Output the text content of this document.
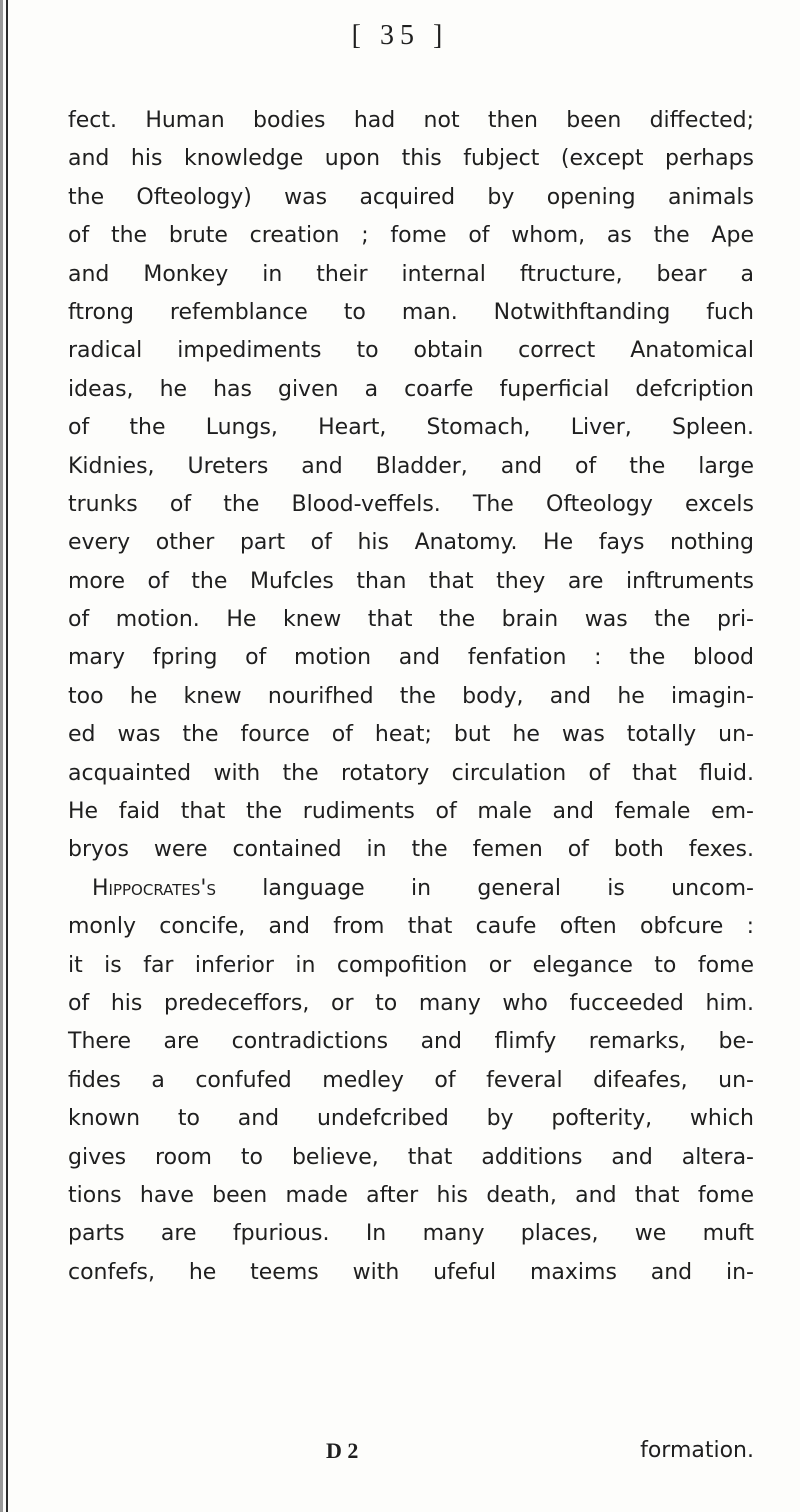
[ 35 ]
fect. Human bodies had not then been diffected;
and his knowledge upon this fubject (except perhaps
the Ofteology) was acquired by opening animals
of the brute creation ; fome of whom, as the Ape
and Monkey in their internal ftructure, bear a
ftrong refemblance to man. Notwithftanding fuch
radical impediments to obtain correct Anatomical
ideas, he has given a coarfe fuperficial defcription
of the Lungs, Heart, Stomach, Liver, Spleen.
Kidnies, Ureters and Bladder, and of the large
trunks of the Blood-veffels. The Ofteology excels
every other part of his Anatomy. He fays nothing
more of the Mufcles than that they are inftruments
of motion. He knew that the brain was the pri-
mary fpring of motion and fenfation : the blood
too he knew nourifhed the body, and he imagin-
ed was the fource of heat; but he was totally un-
acquainted with the rotatory circulation of that fluid.
He faid that the rudiments of male and female em-
bryos were contained in the femen of both fexes.
Hippocrates's language in general is uncom-
monly concife, and from that caufe often obfcure :
it is far inferior in compofition or elegance to fome
of his predeceffors, or to many who fucceeded him.
There are contradictions and flimfy remarks, be-
fides a confufed medley of feveral difeafes, un-
known to and undefcribed by pofterity, which
gives room to believe, that additions and altera-
tions have been made after his death, and that fome
parts are fpurious. In many places, we muft
confefs, he teems with ufeful maxims and in-
D 2	formation.
